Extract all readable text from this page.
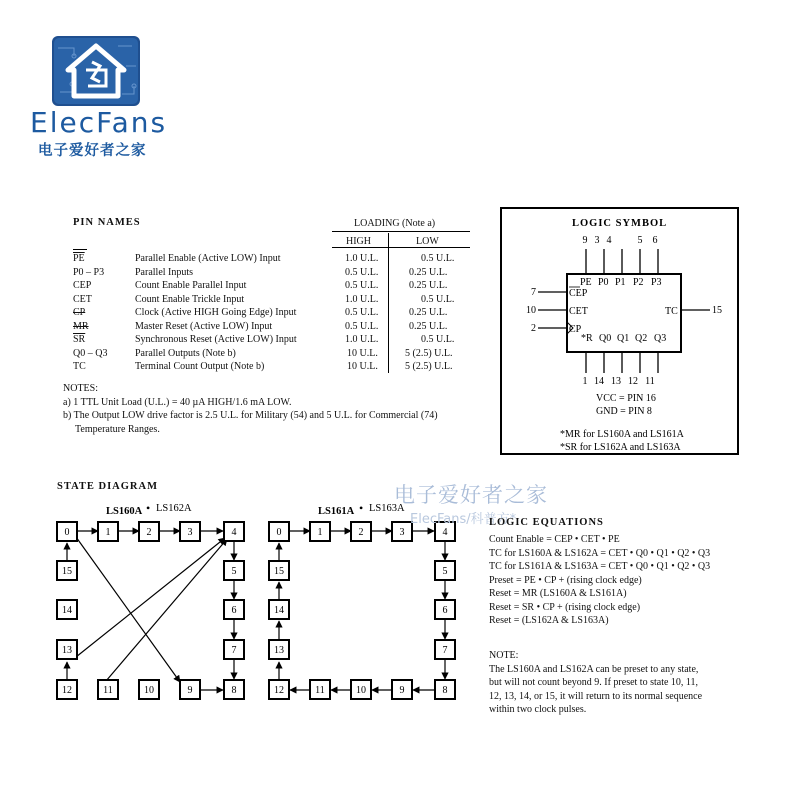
ElecFans
电子爱好者之家
PIN NAMES	LOADING (Note a)
HIGH	LOW
$\overline{PE}$	Parallel Enable (Active LOW) Input	1.0 U.L.	0.5 U.L.
P0 – P3	Parallel Inputs	0.5 U.L.	0.25 U.L.
CEP	Count Enable Parallel Input	0.5 U.L.	0.25 U.L.
CET	Count Enable Trickle Input	1.0 U.L.	0.5 U.L.
CP	Clock (Active HIGH Going Edge) Input	0.5 U.L.	0.25 U.L.
MR	Master Reset (Active LOW) Input	0.5 U.L.	0.25 U.L.
$\overline{SR}$	Synchronous Reset (Active LOW) Input	1.0 U.L.	0.5 U.L.
Q0 – Q3	Parallel Outputs (Note b)	10 U.L.	5 (2.5) U.L.
TC	Terminal Count Output (Note b)	10 U.L.	5 (2.5) U.L.
NOTES:
a) 1 TTL Unit Load (U.L.) = 40 µA HIGH/1.6 mA LOW.
b) The Output LOW drive factor is 2.5 U.L. for Military (54) and 5 U.L. for Commercial (74)
Temperature Ranges.
LOGIC SYMBOL
9 3 4	5 6
PE P0 P1 P2 P3
CEP
CET
CP
TC
*R Q0 Q1 Q2 Q3
7
10
2
15
1 14 13 12 11
VCC = PIN 16
GND = PIN 8
*MR for LS160A and LS161A
*SR for LS162A and LS163A
STATE DIAGRAM
LS160A • LS162A	LS161A • LS163A
0	1	2	3	4
5
6
7
8
9
10
11
12
13
14
15
0	1	2	3	4
5
6
7
8
9
10
11
12
13
14
15
电子爱好者之家
ElecFans/科普方*
LOGIC EQUATIONS
Count Enable = CEP • CET • PE
TC for LS160A & LS162A = CET • Q0 • Q1 • Q2 • Q3
TC for LS161A & LS163A = CET • Q0 • Q1 • Q2 • Q3
Preset = PE • CP + (rising clock edge)
Reset = MR (LS160A & LS161A)
Reset = SR • CP + (rising clock edge)
Reset = (LS162A & LS163A)
NOTE:
The LS160A and LS162A can be preset to any state,
but will not count beyond 9. If preset to state 10, 11,
12, 13, 14, or 15, it will return to its normal sequence
within two clock pulses.
